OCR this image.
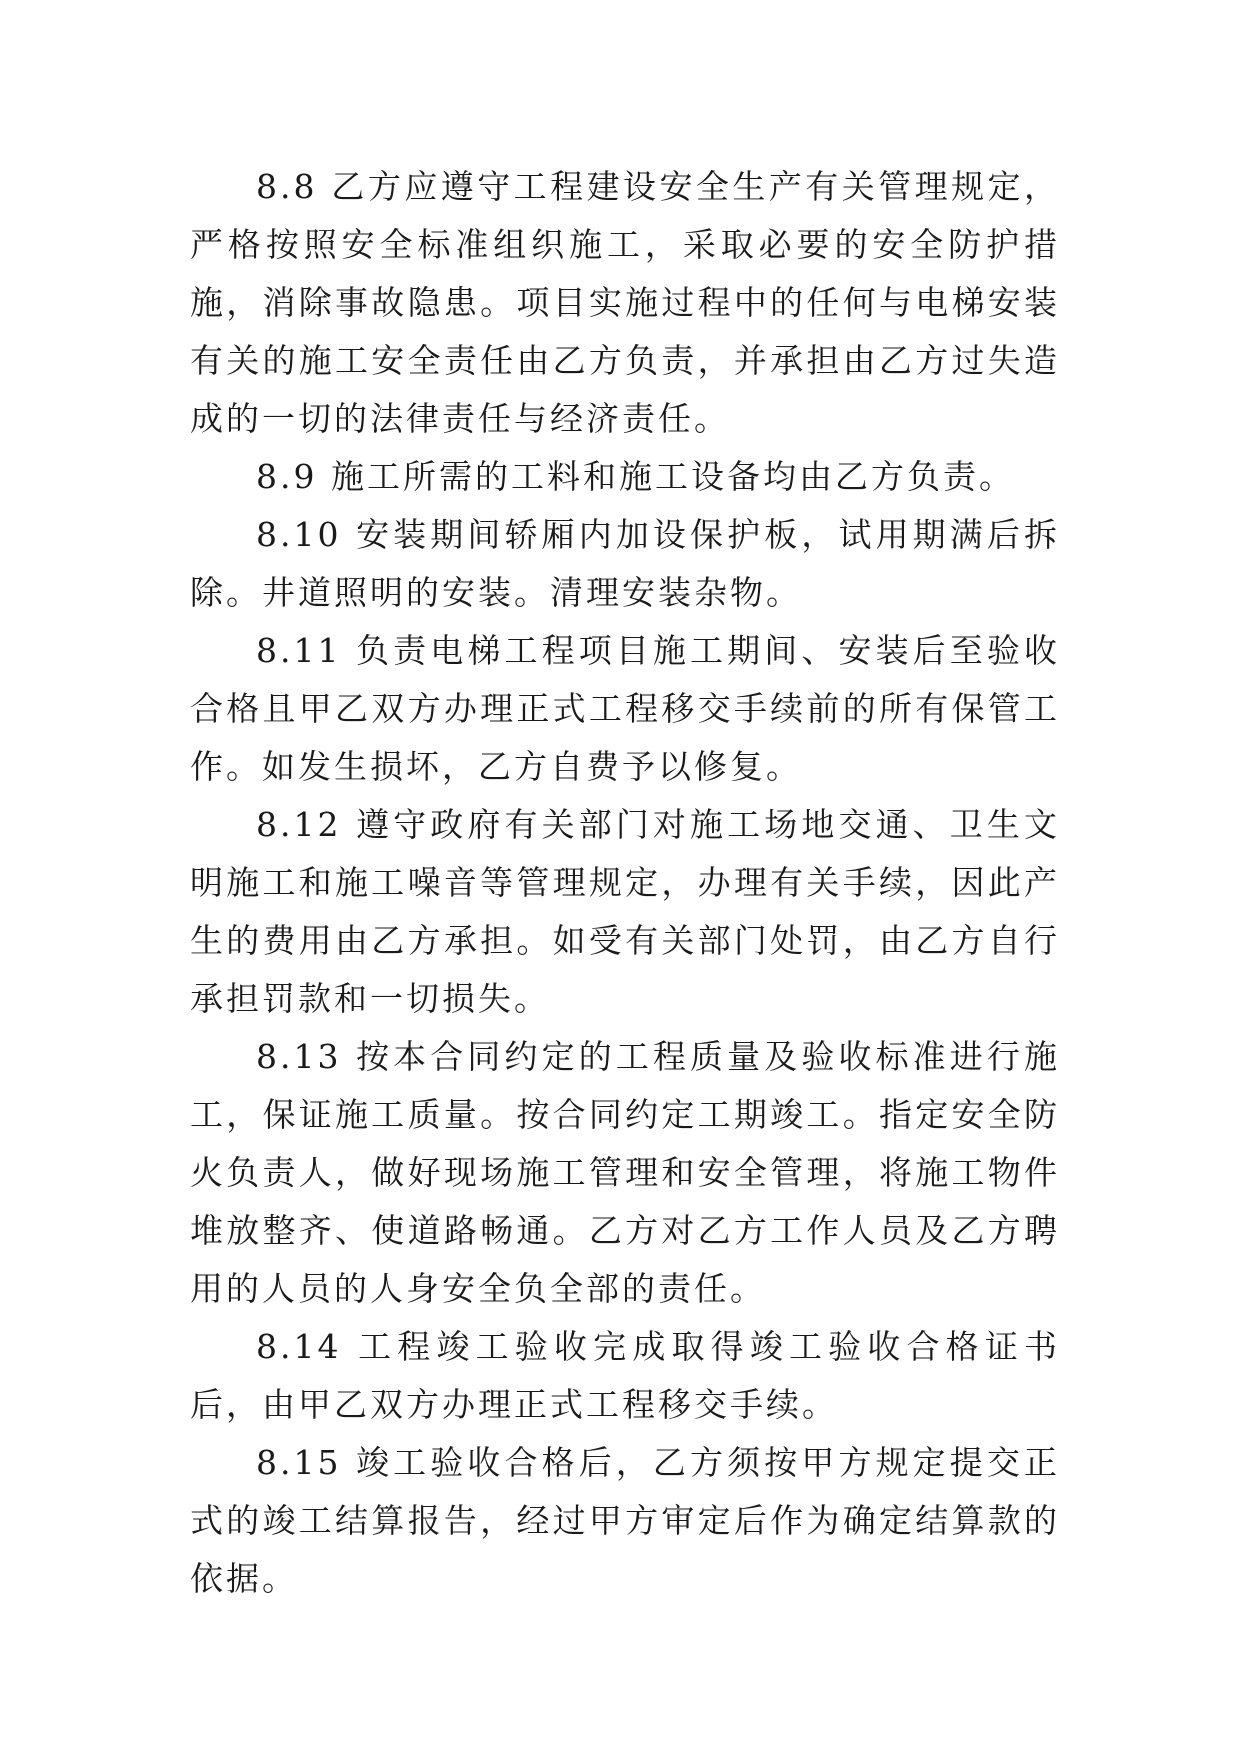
8.8 乙方应遵守工程建设安全生产有关管理规定，严格按照安全标准组织施工，采取必要的安全防护措施，消除事故隐患。项目实施过程中的任何与电梯安装有关的施工安全责任由乙方负责，并承担由乙方过失造成的一切的法律责任与经济责任。

8.9 施工所需的工料和施工设备均由乙方负责。

8.10 安装期间轿厢内加设保护板，试用期满后拆除。井道照明的安装。清理安装杂物。

8.11 负责电梯工程项目施工期间、安装后至验收合格且甲乙双方办理正式工程移交手续前的所有保管工作。如发生损坏，乙方自费予以修复。

8.12 遵守政府有关部门对施工场地交通、卫生文明施工和施工噪音等管理规定，办理有关手续，因此产生的费用由乙方承担。如受有关部门处罚，由乙方自行承担罚款和一切损失。

8.13 按本合同约定的工程质量及验收标准进行施工，保证施工质量。按合同约定工期竣工。指定安全防火负责人，做好现场施工管理和安全管理，将施工物件堆放整齐、使道路畅通。乙方对乙方工作人员及乙方聘用的人员的人身安全负全部的责任。

8.14 工程竣工验收完成取得竣工验收合格证书后，由甲乙双方办理正式工程移交手续。

8.15 竣工验收合格后，乙方须按甲方规定提交正式的竣工结算报告，经过甲方审定后作为确定结算款的依据。
